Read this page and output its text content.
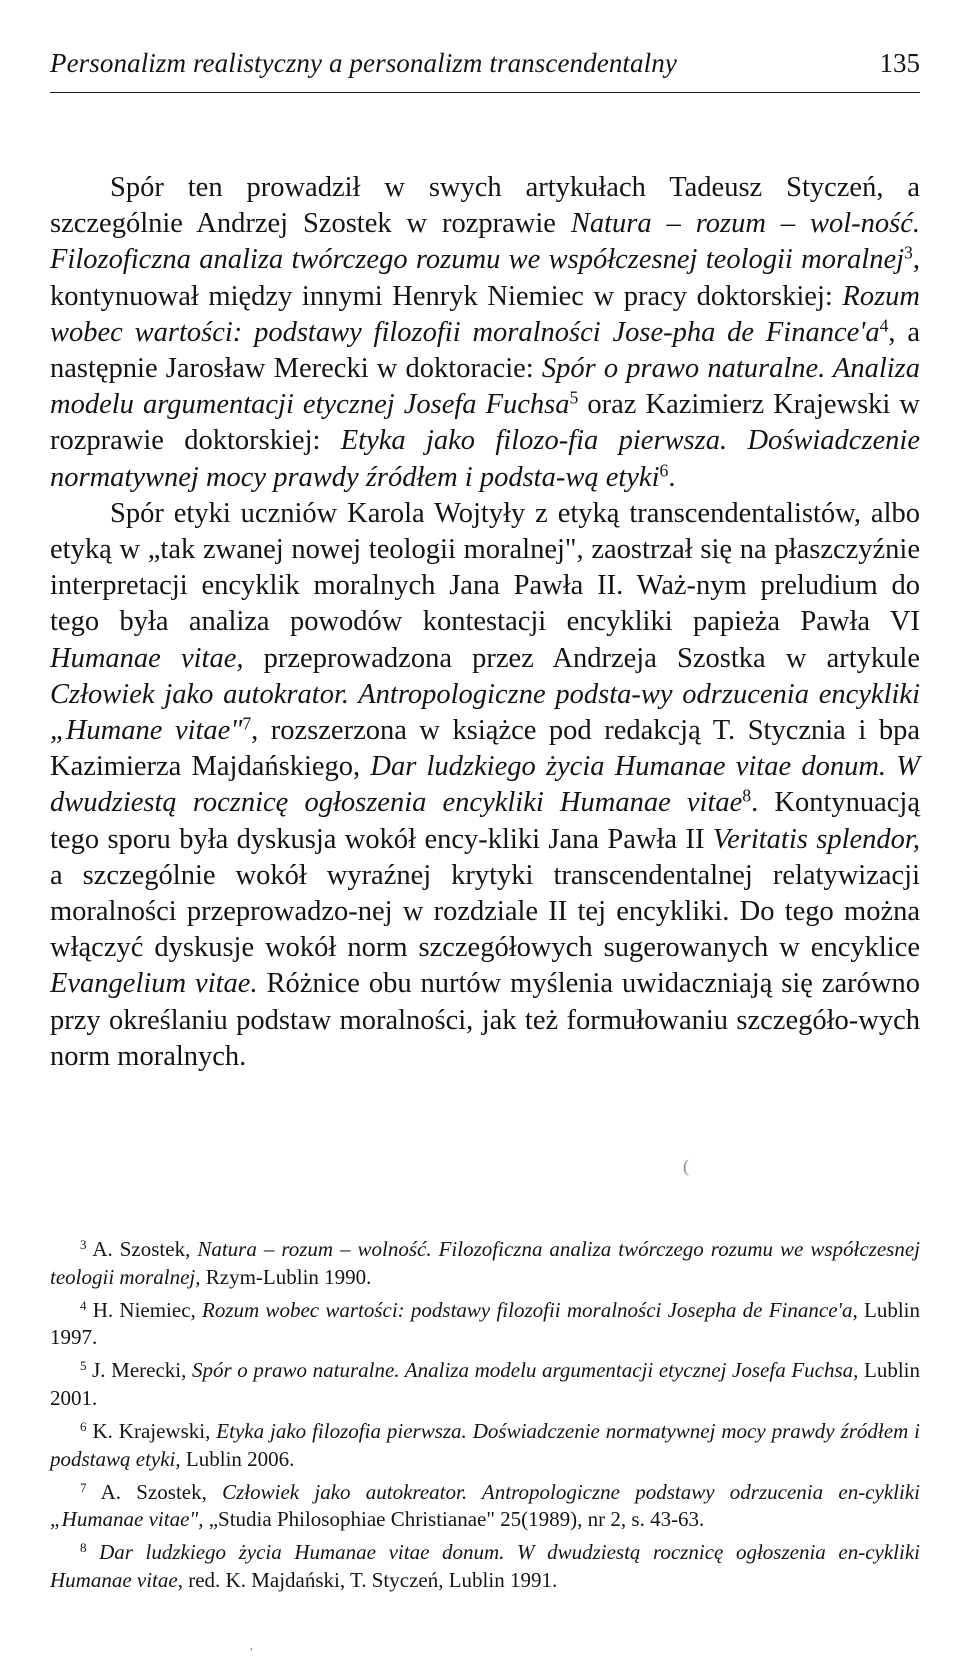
Personalizm realistyczny a personalizm transcendentalny	135

Spór ten prowadził w swych artykułach Tadeusz Styczeń, a szczególnie Andrzej Szostek w rozprawie Natura – rozum – wol-ność. Filozoficzna analiza twórczego rozumu we współczesnej teologii moralnej$^3$, kontynuował między innymi Henryk Niemiec w pracy doktorskiej: Rozum wobec wartości: podstawy filozofii moralności Jose-pha de $Finance'a^4$, a następnie Jarosław Merecki w doktoracie: Spór o prawo naturalne. Analiza modelu argumentacji etycznej Josefa Fuchsa$^5$ oraz Kazimierz Krajewski w rozprawie doktorskiej: Etyka jako filozo-fia pierwsza. Doświadczenie normatywnej mocy prawdy źródłem i podsta-wą etyki$^6$.

Spór etyki uczniów Karola Wojtyły z etyką transcendentalistów, albo etyką w „tak zwanej nowej teologii moralnej", zaostrzał się na płaszczyźnie interpretacji encyklik moralnych Jana Pawła II. Waż-nym preludium do tego była analiza powodów kontestacji encykliki papieża Pawła VI Humanae vitae, przeprowadzona przez Andrzeja Szostka w artykule Człowiek jako autokrator. Antropologiczne podsta-wy odrzucenia encykliki „Humane vitae"$^7$, rozszerzona w książce pod redakcją T. Stycznia i bpa Kazimierza Majdańskiego, Dar ludzkiego życia Humanae vitae donum. W dwudziestą rocznicę ogłoszenia encykliki Humanae vitae$^8$. Kontynuacją tego sporu była dyskusja wokół ency-kliki Jana Pawła II Veritatis splendor, a szczególnie wokół wyraźnej krytyki transcendentalnej relatywizacji moralności przeprowadzo-nej w rozdziale II tej encykliki. Do tego można włączyć dyskusje wokół norm szczegółowych sugerowanych w encyklice Evangelium vitae. Różnice obu nurtów myślenia uwidaczniają się zarówno przy określaniu podstaw moralności, jak też formułowaniu szczegóło-wych norm moralnych.

$^3$ A. Szostek, Natura – rozum – wolność. Filozoficzna analiza twórczego rozumu we współczesnej teologii moralnej, Rzym-Lublin 1990.

$^4$ H. Niemiec, Rozum wobec wartości: podstawy filozofii moralności Josepha de Finance'a, Lublin 1997.

$^5$ J. Merecki, Spór o prawo naturalne. Analiza modelu argumentacji etycznej Josefa Fuchsa, Lublin 2001.

$^6$ K. Krajewski, Etyka jako filozofia pierwsza. Doświadczenie normatywnej mocy prawdy źródłem i podstawą etyki, Lublin 2006.

$^7$ A. Szostek, Człowiek jako autokreator. Antropologiczne podstawy odrzucenia en-cykliki „Humanae vitae", „Studia Philosophiae Christianae" 25(1989), nr 2, s. 43-63.

$^8$ Dar ludzkiego życia Humanae vitae donum. W dwudziestą rocznicę ogłoszenia en-cykliki Humanae vitae, red. K. Majdański, T. Styczeń, Lublin 1991.

(
,
